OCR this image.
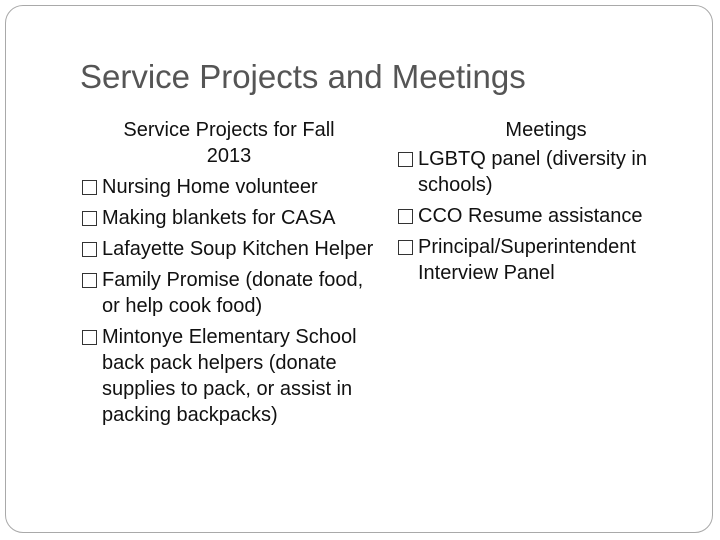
Service Projects and Meetings
Service Projects for Fall
2013
Nursing Home volunteer
Making blankets for CASA
Lafayette Soup Kitchen Helper
Family Promise (donate food, or help cook food)
Mintonye Elementary School back pack helpers (donate supplies to pack, or assist in packing backpacks)
Meetings
LGBTQ panel (diversity in schools)
CCO Resume assistance
Principal/Superintendent Interview Panel
